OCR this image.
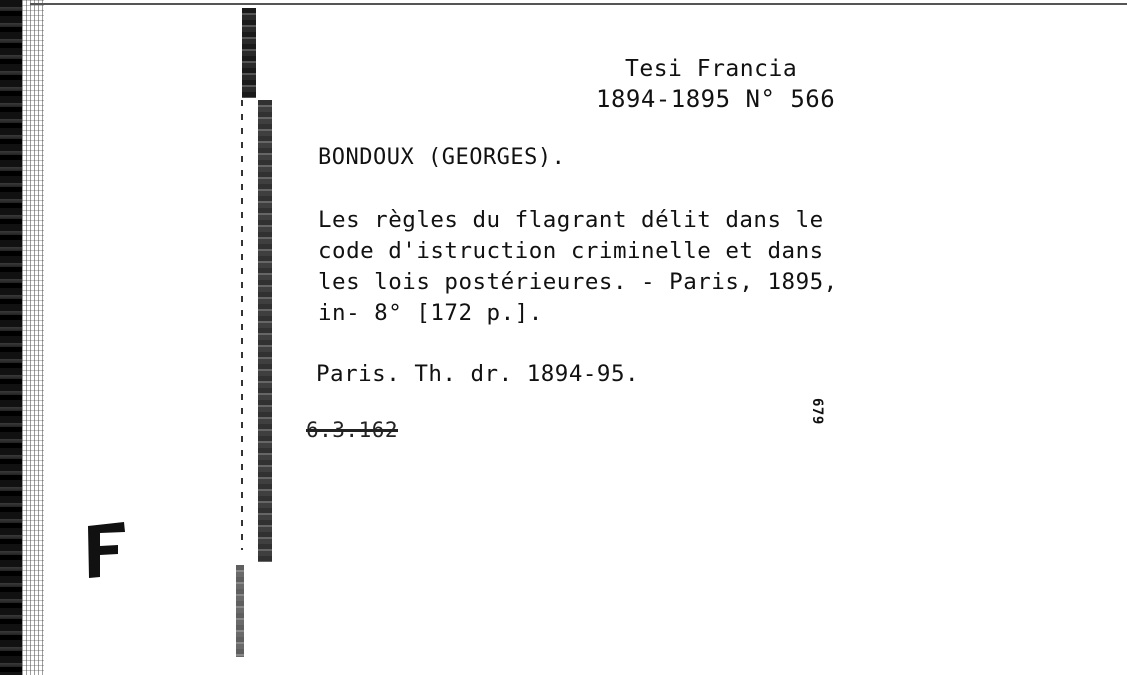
Tesi Francia
1894-1895 N° 566
BONDOUX (GEORGES).
Les règles du flagrant délit dans le
code d'istruction criminelle et dans
les lois postérieures. - Paris, 1895,
in- 8° [172 p.].
Paris. Th. dr. 1894-95.
6.3.162
679
